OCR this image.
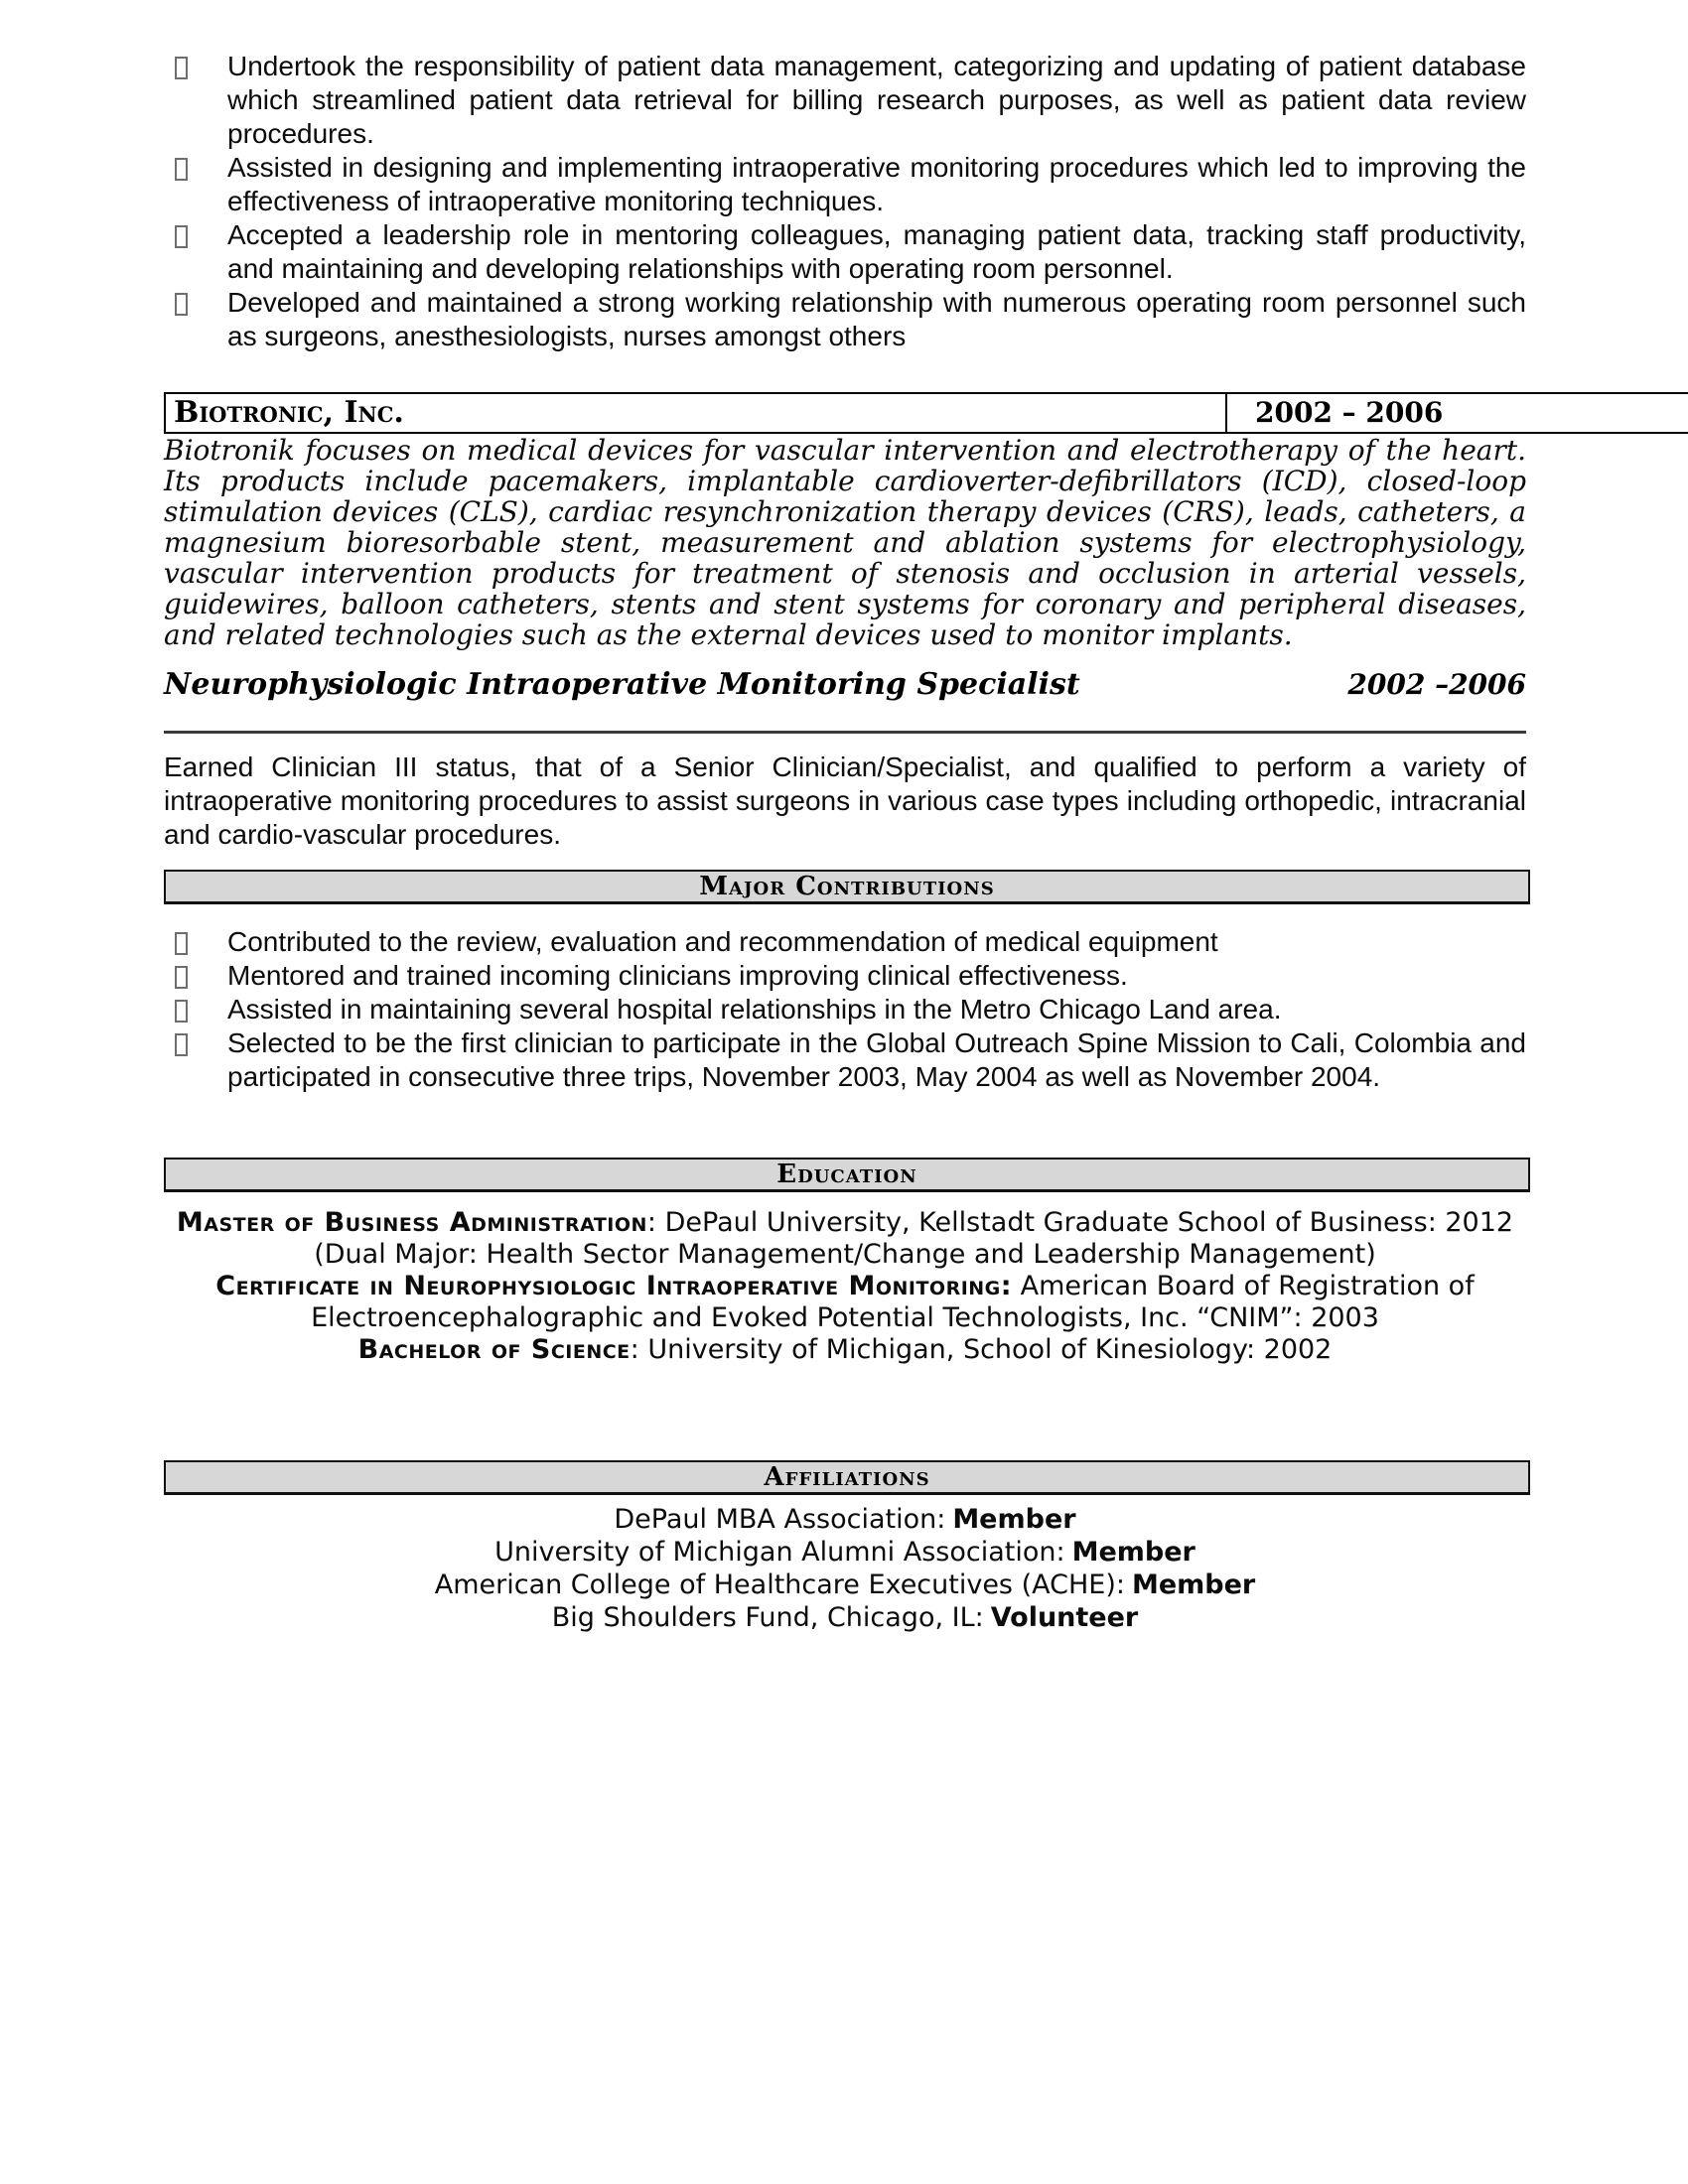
Undertook the responsibility of patient data management, categorizing and updating of patient database which streamlined patient data retrieval for billing research purposes, as well as patient data review procedures.
Assisted in designing and implementing intraoperative monitoring procedures which led to improving the effectiveness of intraoperative monitoring techniques.
Accepted a leadership role in mentoring colleagues, managing patient data, tracking staff productivity, and maintaining and developing relationships with operating room personnel.
Developed and maintained a strong working relationship with numerous operating room personnel such as surgeons, anesthesiologists, nurses amongst others
Biotronic, Inc.	2002 – 2006

Biotronik focuses on medical devices for vascular intervention and electrotherapy of the heart. Its products include pacemakers, implantable cardioverter-defibrillators (ICD), closed-loop stimulation devices (CLS), cardiac resynchronization therapy devices (CRS), leads, catheters, a magnesium bioresorbable stent, measurement and ablation systems for electrophysiology, vascular intervention products for treatment of stenosis and occlusion in arterial vessels, guidewires, balloon catheters, stents and stent systems for coronary and peripheral diseases, and related technologies such as the external devices used to monitor implants.

Neurophysiologic Intraoperative Monitoring Specialist	2002 –2006

Earned Clinician III status, that of a Senior Clinician/Specialist, and qualified to perform a variety of intraoperative monitoring procedures to assist surgeons in various case types including orthopedic, intracranial and cardio-vascular procedures.

Major Contributions
Contributed to the review, evaluation and recommendation of medical equipment
Mentored and trained incoming clinicians improving clinical effectiveness.
Assisted in maintaining several hospital relationships in the Metro Chicago Land area.
Selected to be the first clinician to participate in the Global Outreach Spine Mission to Cali, Colombia and participated in consecutive three trips, November 2003, May 2004 as well as November 2004.
Education
Master of Business Administration: DePaul University, Kellstadt Graduate School of Business: 2012
(Dual Major: Health Sector Management/Change and Leadership Management)
Certificate in Neurophysiologic Intraoperative Monitoring: American Board of Registration of Electroencephalographic and Evoked Potential Technologists, Inc. “CNIM”: 2003
Bachelor of Science: University of Michigan, School of Kinesiology: 2002
Affiliations
DePaul MBA Association: Member
University of Michigan Alumni Association: Member
American College of Healthcare Executives (ACHE): Member
Big Shoulders Fund, Chicago, IL: Volunteer
